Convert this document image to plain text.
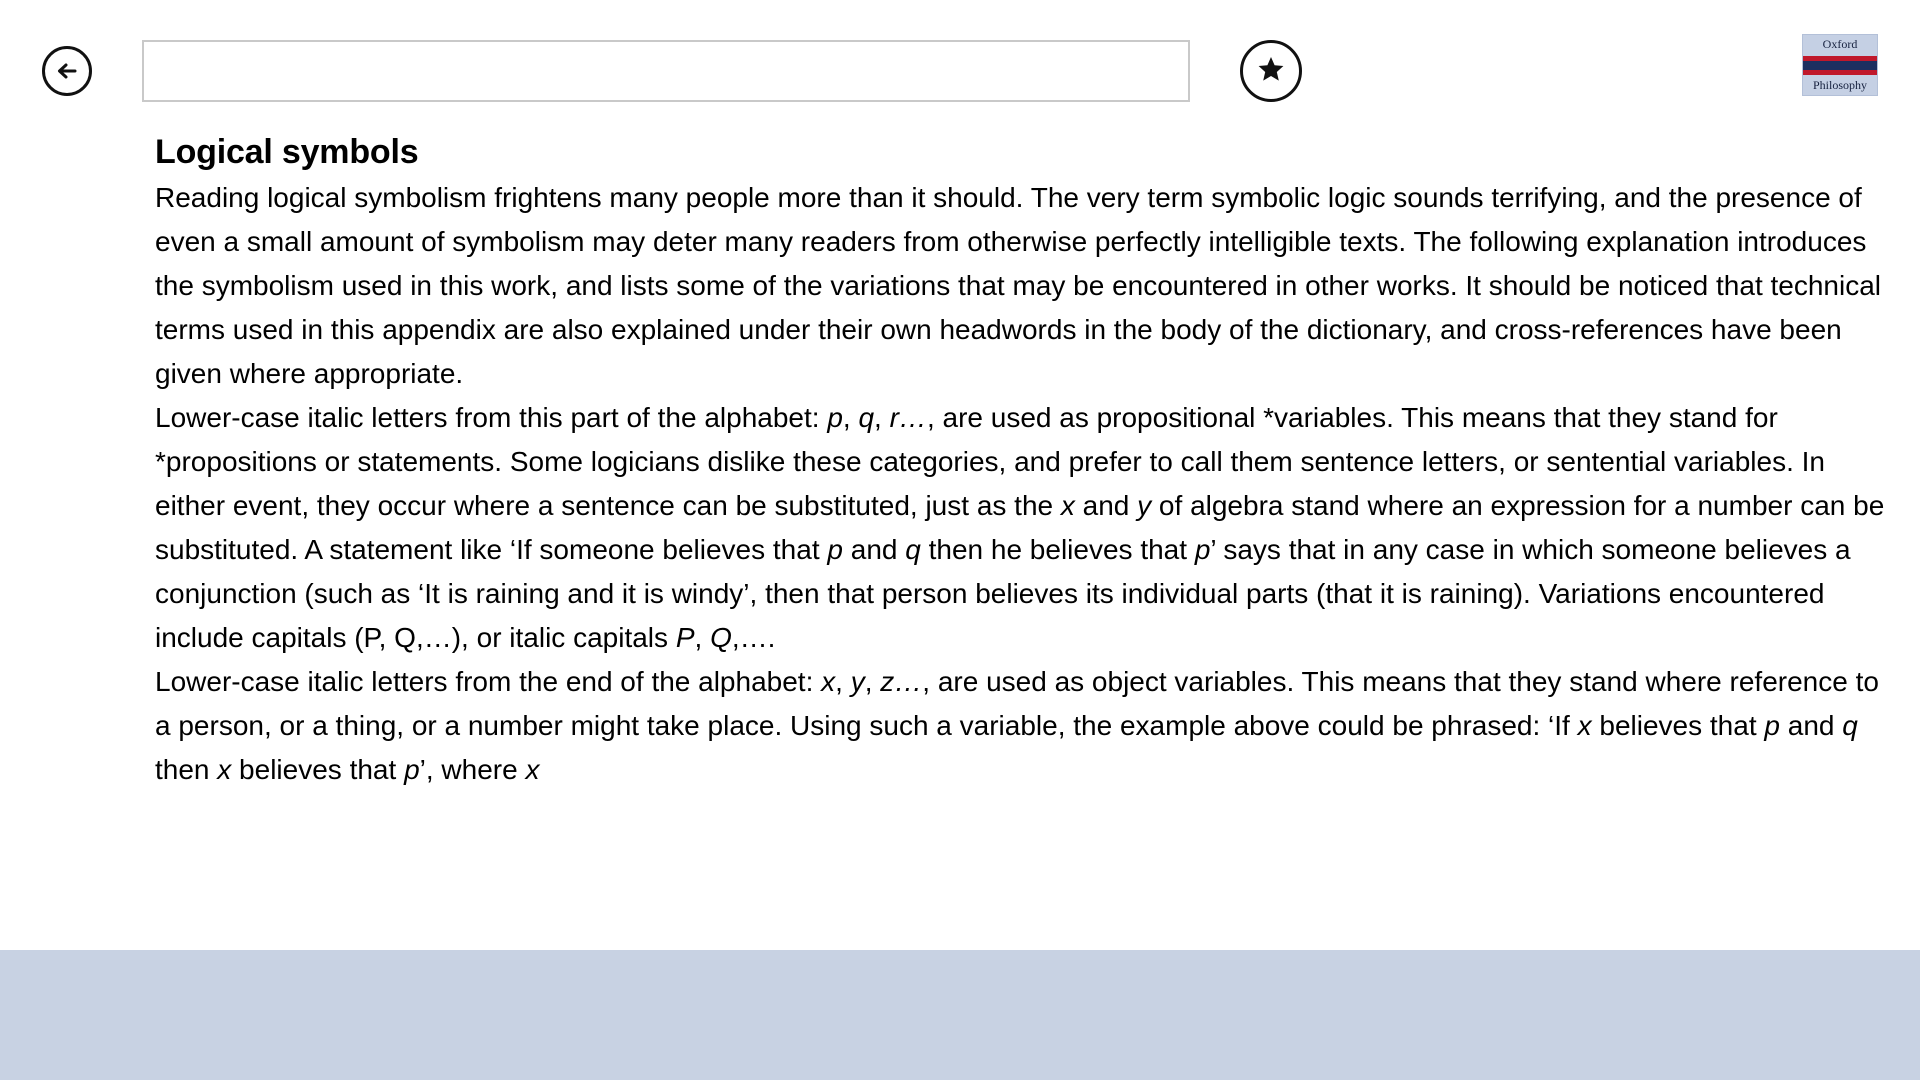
Oxford
Philosophy
Logical symbols
Reading logical symbolism frightens many people more than it should. The very term symbolic logic sounds terrifying, and the presence of even a small amount of symbolism may deter many readers from otherwise perfectly intelligible texts. The following explanation introduces the symbolism used in this work, and lists some of the variations that may be encountered in other works. It should be noticed that technical terms used in this appendix are also explained under their own headwords in the body of the dictionary, and cross-references have been given where appropriate.
Lower-case italic letters from this part of the alphabet: p, q, r…, are used as propositional *variables. This means that they stand for *propositions or statements. Some logicians dislike these categories, and prefer to call them sentence letters, or sentential variables. In either event, they occur where a sentence can be substituted, just as the x and y of algebra stand where an expression for a number can be substituted. A statement like ‘If someone believes that p and q then he believes that p’ says that in any case in which someone believes a conjunction (such as ‘It is raining and it is windy’, then that person believes its individual parts (that it is raining). Variations encountered include capitals (P, Q,…), or italic capitals P, Q,….
Lower-case italic letters from the end of the alphabet: x, y, z…, are used as object variables. This means that they stand where reference to a person, or a thing, or a number might take place. Using such a variable, the example above could be phrased: ‘If x believes that p and q then x believes that p’, where x
